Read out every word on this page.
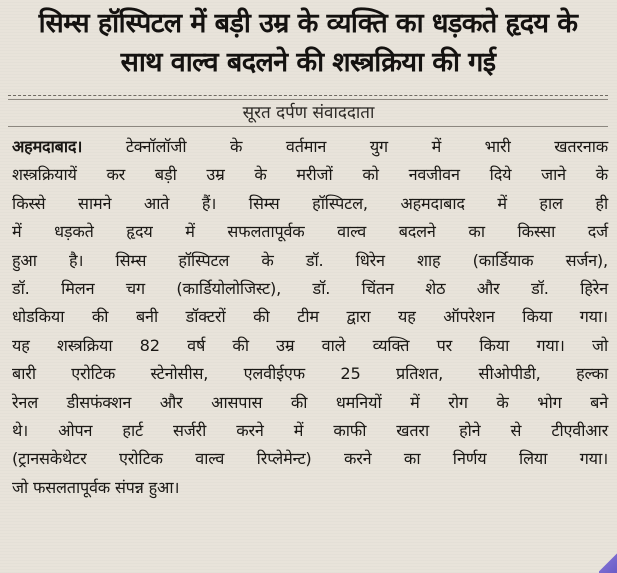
सिम्स हॉस्पिटल में बड़ी उम्र के व्यक्ति का धड़कते हृदय के
साथ वाल्व बदलने की शस्त्रक्रिया की गई
सूरत दर्पण संवाददाता
अहमदाबाद। टेक्नॉलॉजी के वर्तमान युग में भारी खतरनाक
शस्त्रक्रियायें कर बड़ी उम्र के मरीजों को नवजीवन दिये जाने के
किस्से सामने आते हैं। सिम्स हॉस्पिटल, अहमदाबाद में हाल ही
में धड़कते हृदय में सफलतापूर्वक वाल्व बदलने का किस्सा दर्ज
हुआ है। सिम्स हॉस्पिटल के डॉ. धिरेन शाह (कार्डियाक सर्जन),
डॉ. मिलन चग (कार्डियोलोजिस्ट), डॉ. चिंतन शेठ और डॉ. हिरेन
धोडकिया की बनी डॉक्टरों की टीम द्वारा यह ऑपरेशन किया गया।
यह शस्त्रक्रिया 82 वर्ष की उम्र वाले व्यक्ति पर किया गया। जो
बारी एरोटिक स्टेनोसीस, एलवीईएफ 25 प्रतिशत, सीओपीडी, हल्का
रेनल डीसफंक्शन और आसपास की धमनियों में रोग के भोग बने
थे। ओपन हार्ट सर्जरी करने में काफी खतरा होने से टीएवीआर
(ट्रानसकेथेटर एरोटिक वाल्व रिप्लेमेन्ट) करने का निर्णय लिया गया।
जो फसलतापूर्वक संपन्न हुआ।
